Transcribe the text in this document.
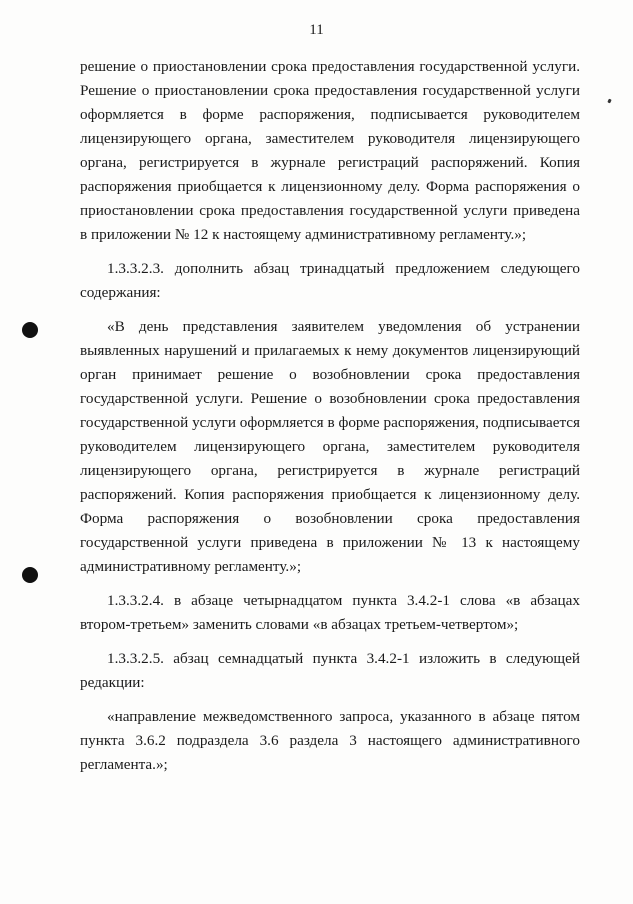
11

решение о приостановлении срока предоставления государственной услуги. Решение о приостановлении срока предоставления государственной услуги оформляется в форме распоряжения, подписывается руководителем лицензирующего органа, заместителем руководителя лицензирующего органа, регистрируется в журнале регистраций распоряжений. Копия распоряжения приобщается к лицензионному делу. Форма распоряжения о приостановлении срока предоставления государственной услуги приведена в приложении № 12 к настоящему административному регламенту.»;

1.3.3.2.3. дополнить абзац тринадцатый предложением следующего содержания:

«В день представления заявителем уведомления об устранении выявленных нарушений и прилагаемых к нему документов лицензирующий орган принимает решение о возобновлении срока предоставления государственной услуги. Решение о возобновлении срока предоставления государственной услуги оформляется в форме распоряжения, подписывается руководителем лицензирующего органа, заместителем руководителя лицензирующего органа, регистрируется в журнале регистраций распоряжений. Копия распоряжения приобщается к лицензионному делу. Форма распоряжения о возобновлении срока предоставления государственной услуги приведена в приложении № 13 к настоящему административному регламенту.»;

1.3.3.2.4. в абзаце четырнадцатом пункта 3.4.2-1 слова «в абзацах втором-третьем» заменить словами «в абзацах третьем-четвертом»;

1.3.3.2.5. абзац семнадцатый пункта 3.4.2-1 изложить в следующей редакции:

«направление межведомственного запроса, указанного в абзаце пятом пункта 3.6.2 подраздела 3.6 раздела 3 настоящего административного регламента.»;
